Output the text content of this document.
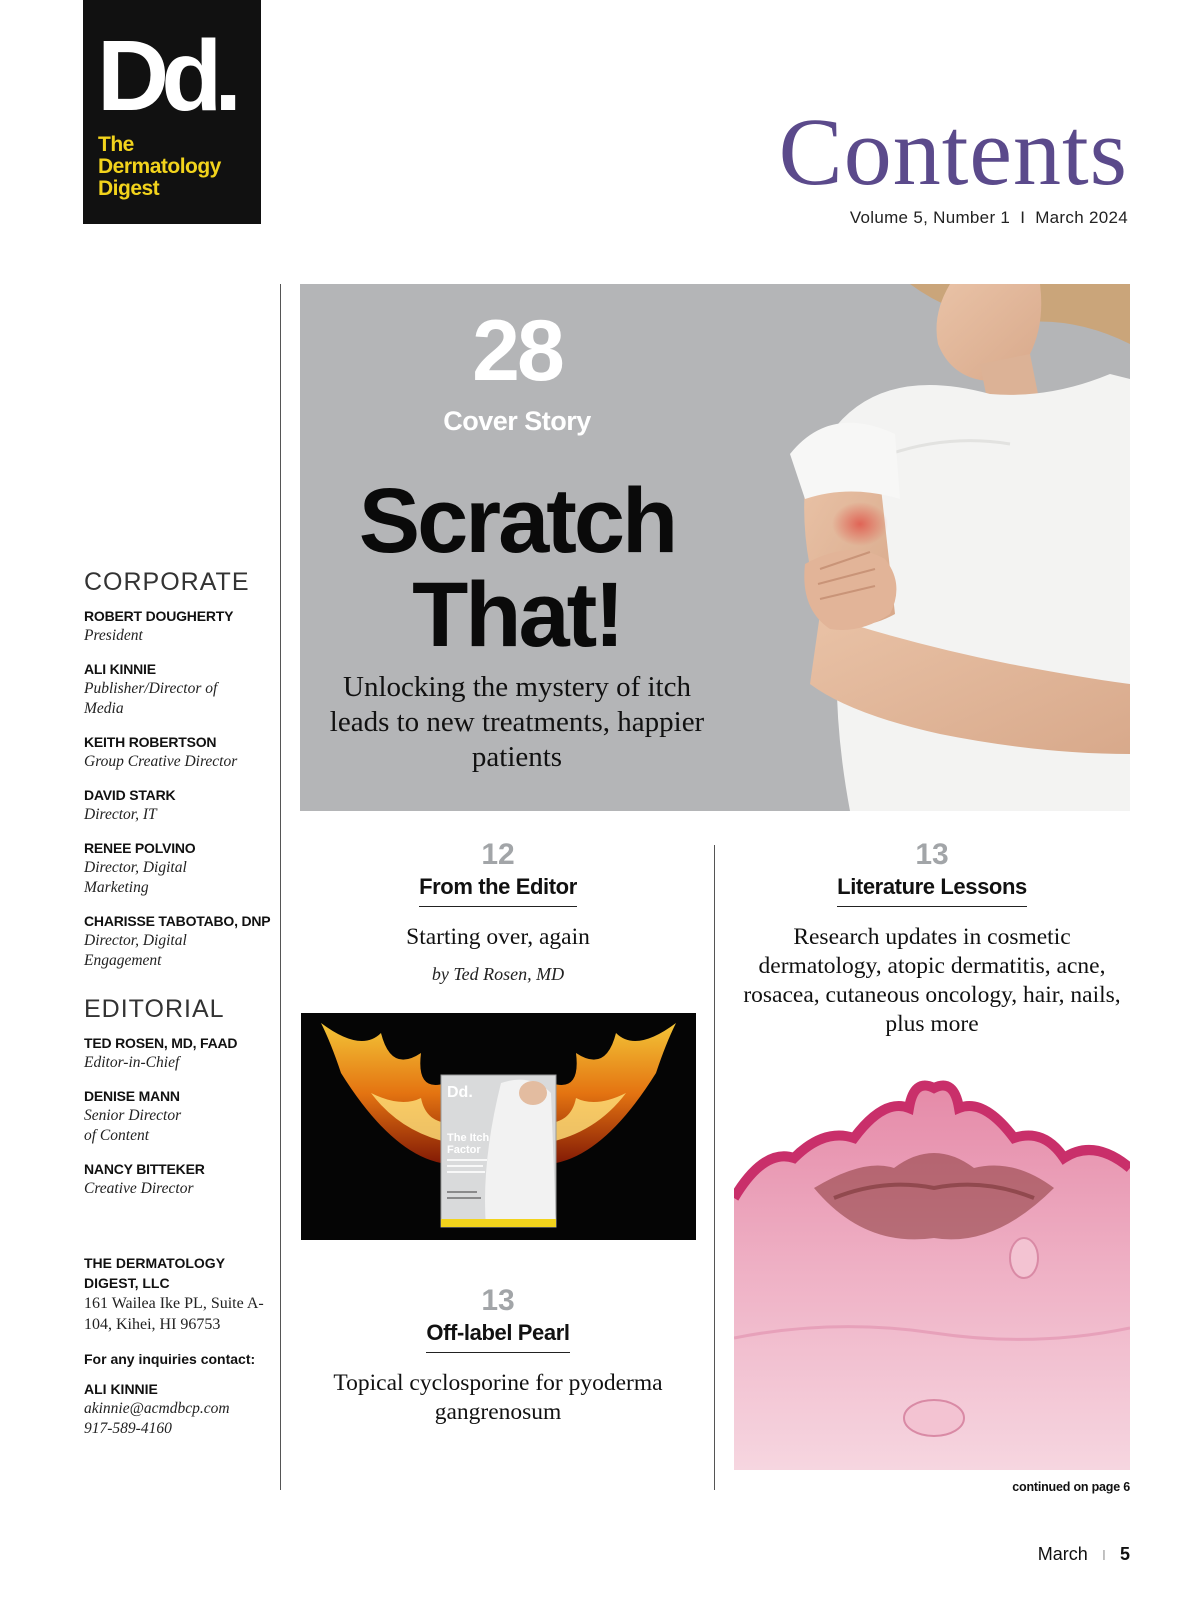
Dd.
The
Dermatology
Digest	Contents
Volume 5, Number 1 I March 2024
CORPORATE
ROBERT DOUGHERTY
President
ALI KINNIE
Publisher/Director of Media
KEITH ROBERTSON
Group Creative Director
DAVID STARK
Director, IT
RENEE POLVINO
Director, Digital Marketing
CHARISSE TABOTABO, DNP
Director, Digital Engagement
EDITORIAL
TED ROSEN, MD, FAAD
Editor-in-Chief
DENISE MANN
Senior Director of Content
NANCY BITTEKER
Creative Director
THE DERMATOLOGY DIGEST, LLC
161 Wailea Ike PL, Suite A-104, Kihei, HI 96753
For any inquiries contact:
ALI KINNIE
akinnie@acmdbcp.com
917-589-4160
28
Cover Story
Scratch
That!
Unlocking the mystery of itch leads to new treatments, happier patients
12
From the Editor
Starting over, again
by Ted Rosen, MD
Dd.
The Itch
Factor
13
Off-label Pearl
Topical cyclosporine for pyoderma gangrenosum
13
Literature Lessons
Research updates in cosmetic dermatology, atopic dermatitis, acne, rosacea, cutaneous oncology, hair, nails, plus more
continued on page 6
March I 5
